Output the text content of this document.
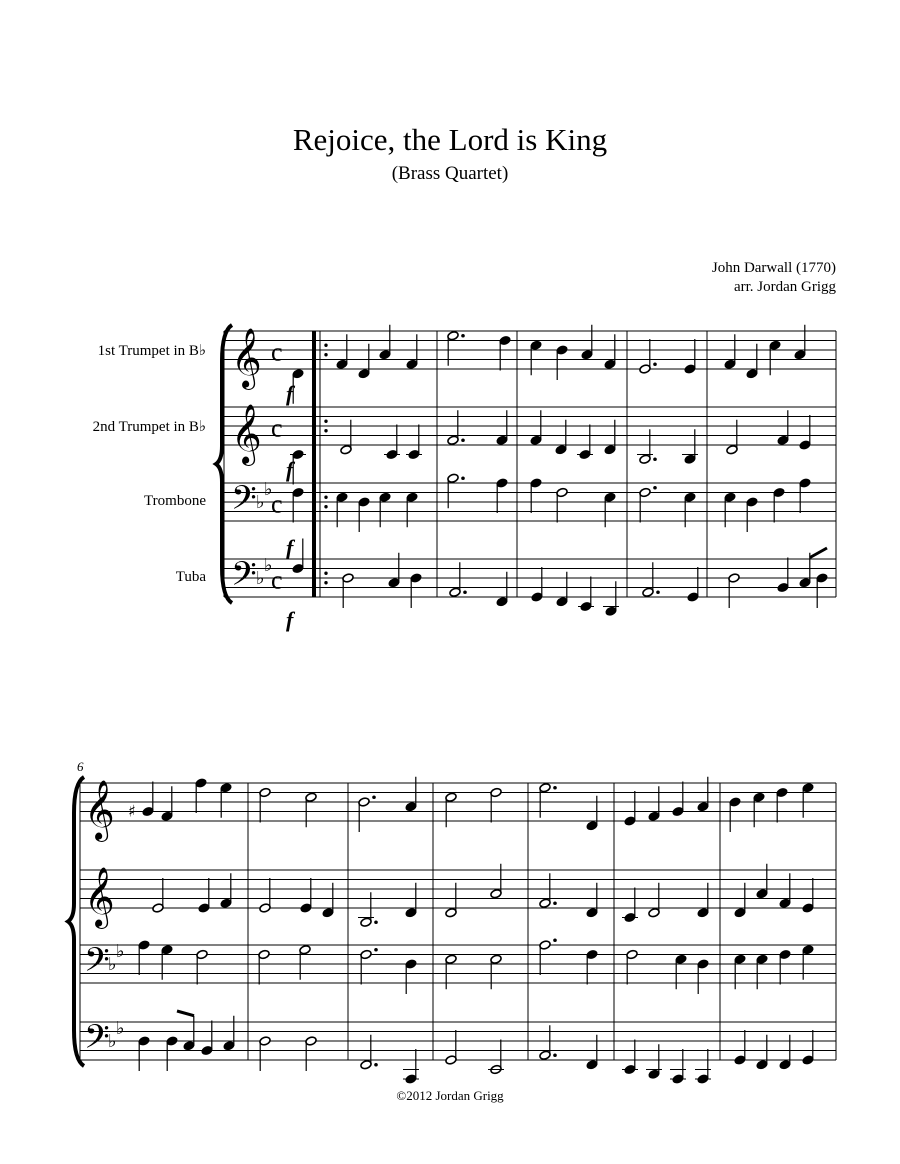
Rejoice, the Lord is King
(Brass Quartet)
John Darwall (1770)
arr. Jordan Grigg
1st Trumpet in B♭
2nd Trumpet in B♭
Trombone
Tuba
𝄞 c
𝄞 c
𝄢 ♭
♭
c
𝄢 ♭
♭
c
f
f
f
f
6
𝄞
𝄞
𝄢
♭
♭
𝄢
♭
♭
♯
©2012 Jordan Grigg
